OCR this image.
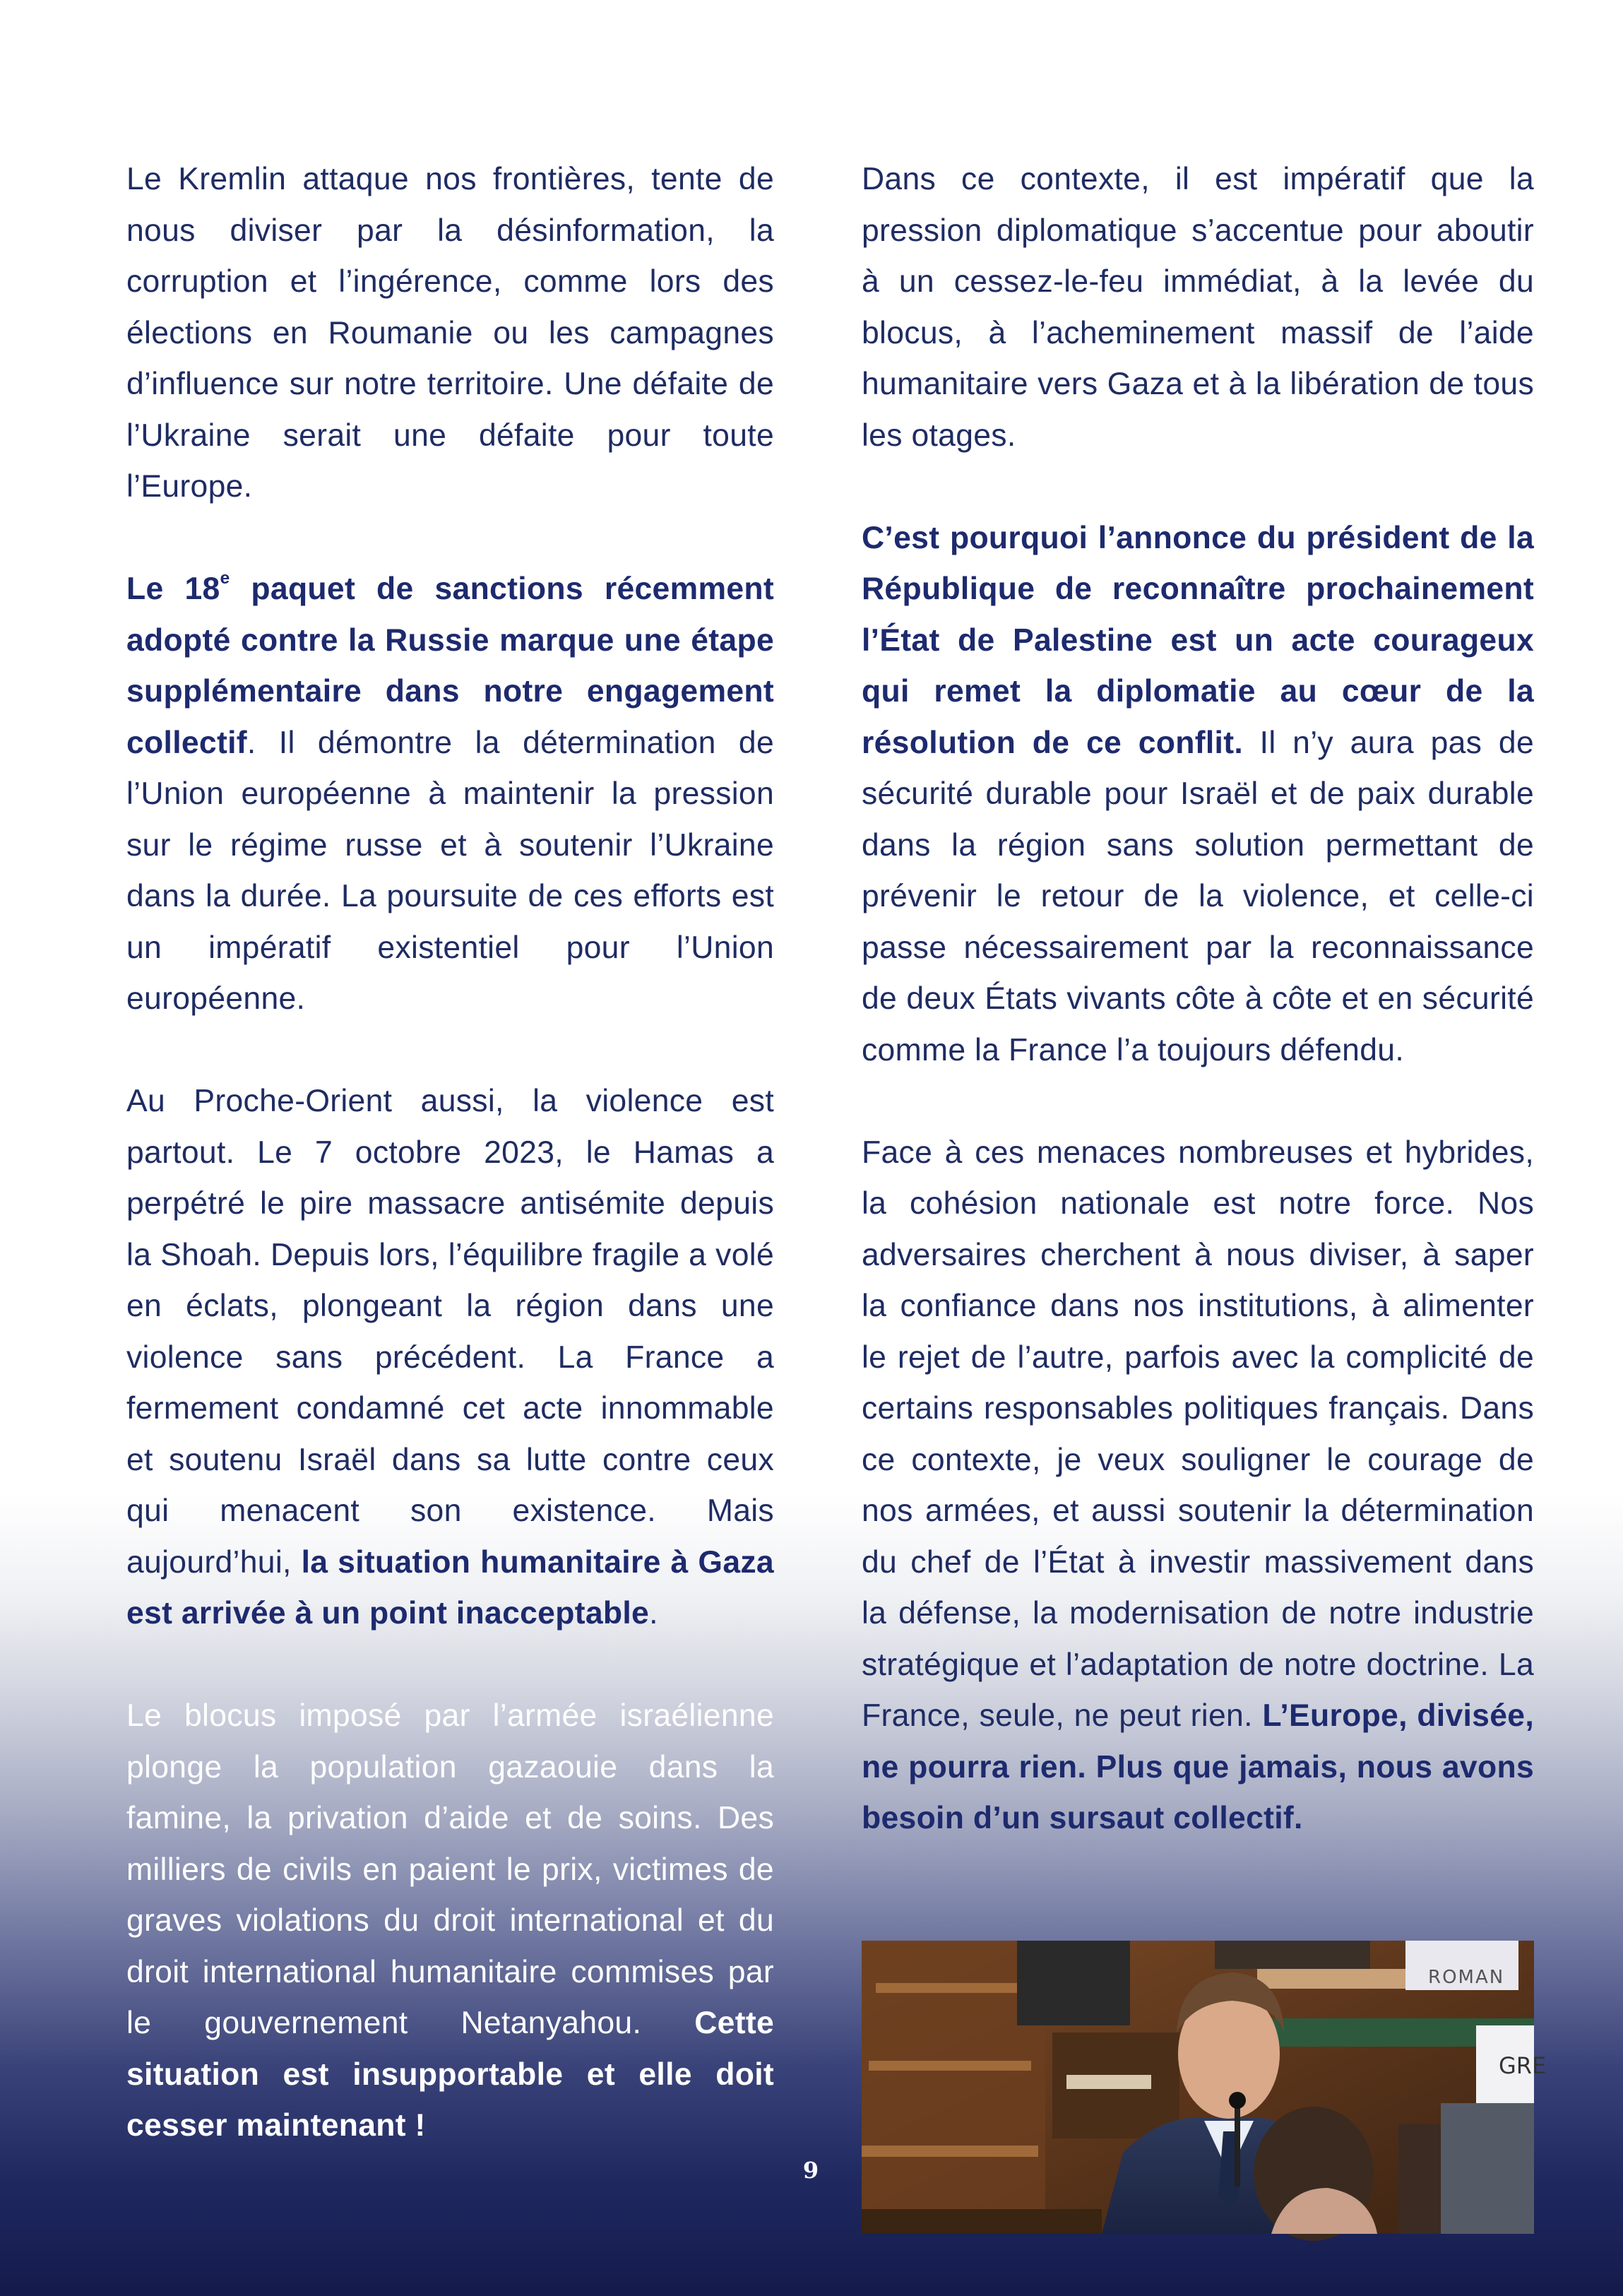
Le Kremlin attaque nos frontières, tente de nous diviser par la désinformation, la corruption et l’ingérence, comme lors des élections en Roumanie ou les campagnes d’influence sur notre territoire. Une défaite de l’Ukraine serait une défaite pour toute l’Europe.

Le 18e paquet de sanctions récemment adopté contre la Russie marque une étape supplémentaire dans notre engagement collectif. Il démontre la détermination de l’Union européenne à maintenir la pression sur le régime russe et à soutenir l’Ukraine dans la durée. La poursuite de ces efforts est un impératif existentiel pour l’Union européenne.

Au Proche-Orient aussi, la violence est partout. Le 7 octobre 2023, le Hamas a perpétré le pire massacre antisémite depuis la Shoah. Depuis lors, l’équilibre fragile a volé en éclats, plongeant la région dans une violence sans précédent. La France a fermement condamné cet acte innommable et soutenu Israël dans sa lutte contre ceux qui menacent son existence. Mais aujourd’hui, la situation humanitaire à Gaza est arrivée à un point inacceptable.

Le blocus imposé par l’armée israélienne plonge la population gazaouie dans la famine, la privation d’aide et de soins. Des milliers de civils en paient le prix, victimes de graves violations du droit international et du droit international humanitaire commises par le gouvernement Netanyahou. Cette situation est insupportable et elle doit cesser maintenant !

Dans ce contexte, il est impératif que la pression diplomatique s’accentue pour aboutir à un cessez-le-feu immédiat, à la levée du blocus, à l’acheminement massif de l’aide humanitaire vers Gaza et à la libération de tous les otages.

C’est pourquoi l’annonce du président de la République de reconnaître prochainement l’État de Palestine est un acte courageux qui remet la diplomatie au cœur de la résolution de ce conflit. Il n’y aura pas de sécurité durable pour Israël et de paix durable dans la région sans solution permettant de prévenir le retour de la violence, et celle-ci passe nécessairement par la reconnaissance de deux États vivants côte à côte et en sécurité comme la France l’a toujours défendu.

Face à ces menaces nombreuses et hybrides, la cohésion nationale est notre force. Nos adversaires cherchent à nous diviser, à saper la confiance dans nos institutions, à alimenter le rejet de l’autre, parfois avec la complicité de certains responsables politiques français. Dans ce contexte, je veux souligner le courage de nos armées, et aussi soutenir la détermination du chef de l’État à investir massivement dans la défense, la modernisation de notre industrie stratégique et l’adaptation de notre doctrine. La France, seule, ne peut rien. L’Europe, divisée, ne pourra rien. Plus que jamais, nous avons besoin d’un sursaut collectif.

ROMAN
GRE
9
